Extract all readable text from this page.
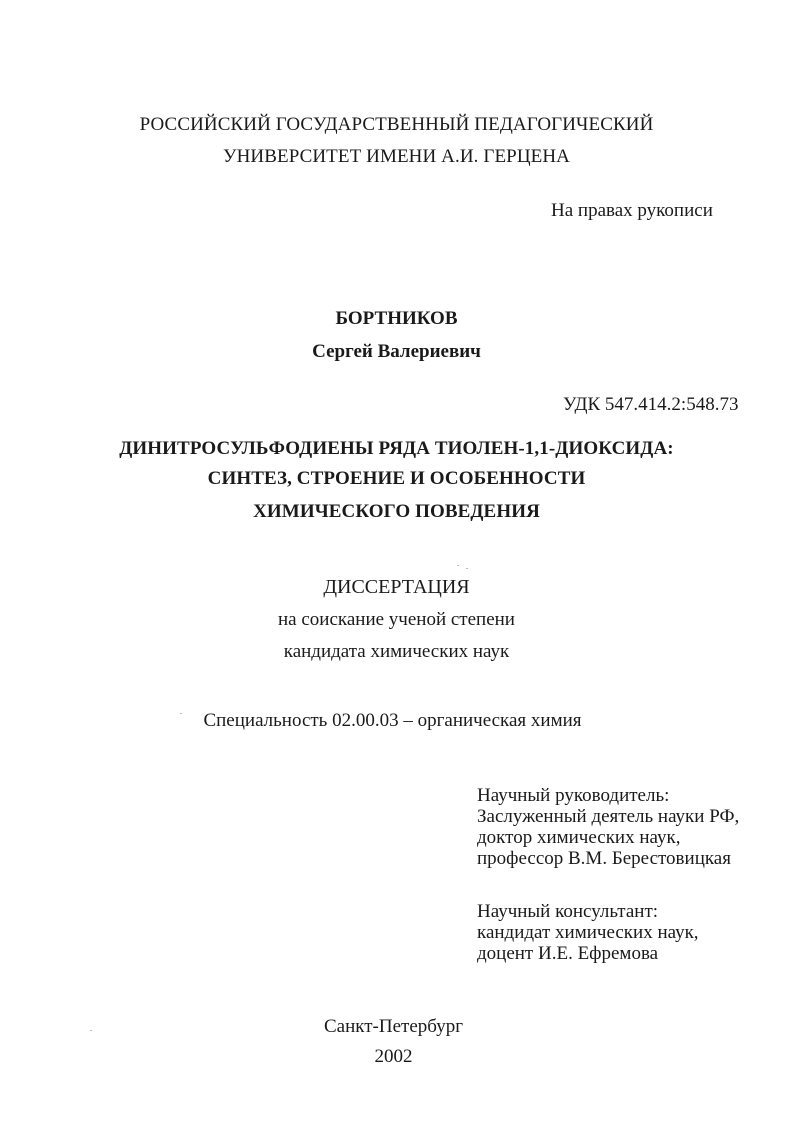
РОССИЙСКИЙ ГОСУДАРСТВЕННЫЙ ПЕДАГОГИЧЕСКИЙ
УНИВЕРСИТЕТ ИМЕНИ А.И. ГЕРЦЕНА
На правах рукописи
БОРТНИКОВ
Сергей Валериевич
УДК 547.414.2:548.73
ДИНИТРОСУЛЬФОДИЕНЫ РЯДА ТИОЛЕН-1,1-ДИОКСИДА:
СИНТЕЗ, СТРОЕНИЕ И ОСОБЕННОСТИ
ХИМИЧЕСКОГО ПОВЕДЕНИЯ
ДИССЕРТАЦИЯ
на соискание ученой степени
кандидата химических наук
Специальность 02.00.03 – органическая химия
Научный руководитель:
Заслуженный деятель науки РФ,
доктор химических наук,
профессор В.М. Берестовицкая
Научный консультант:
кандидат химических наук,
доцент И.Е. Ефремова
Санкт-Петербург
2002
